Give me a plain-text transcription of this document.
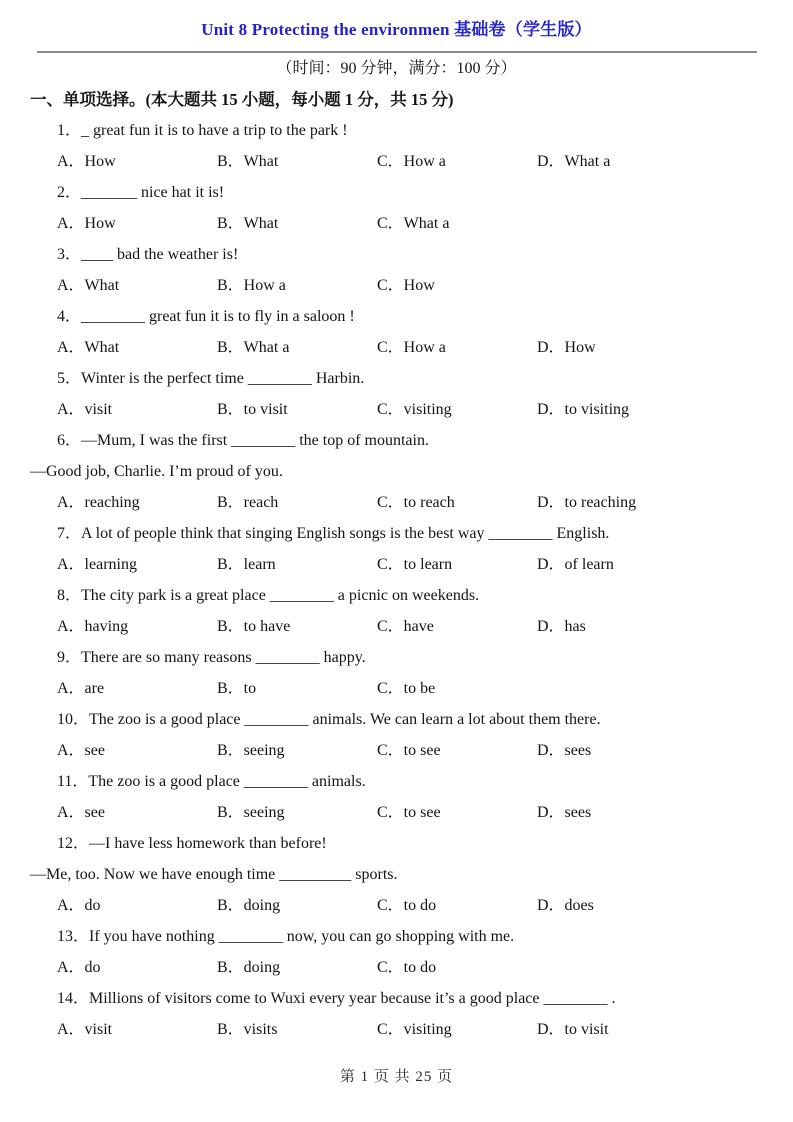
Unit 8 Protecting the environmen 基础卷（学生版）
（时间：90 分钟，满分：100 分）
一、单项选择。(本大题共 15 小题，每小题 1 分，共 15 分)
1．_ great fun it is to have a trip to the park !
A．How	B．What	C．How a	D．What a
2．_______ nice hat it is!
A．How	B．What	C．What a
3．____ bad the weather is!
A．What	B．How a	C．How
4．________ great fun it is to fly in a saloon !
A．What	B．What a	C．How a	D．How
5．Winter is the perfect time ________ Harbin.
A．visit	B．to visit	C．visiting	D．to visiting
6．—Mum, I was the first ________ the top of mountain.
—Good job, Charlie. I’m proud of you.
A．reaching	B．reach	C．to reach	D．to reaching
7．A lot of people think that singing English songs is the best way ________ English.
A．learning	B．learn	C．to learn	D．of learn
8．The city park is a great place ________ a picnic on weekends.
A．having	B．to have	C．have	D．has
9．There are so many reasons ________ happy.
A．are	B．to	C．to be
10．The zoo is a good place ________ animals. We can learn a lot about them there.
A．see	B．seeing	C．to see	D．sees
11．The zoo is a good place ________ animals.
A．see	B．seeing	C．to see	D．sees
12．—I have less homework than before!
—Me, too. Now we have enough time _________ sports.
A．do	B．doing	C．to do	D．does
13．If you have nothing ________ now, you can go shopping with me.
A．do	B．doing	C．to do
14．Millions of visitors come to Wuxi every year because it’s a good place ________ .
A．visit	B．visits	C．visiting	D．to visit
第 1 页 共 25 页
